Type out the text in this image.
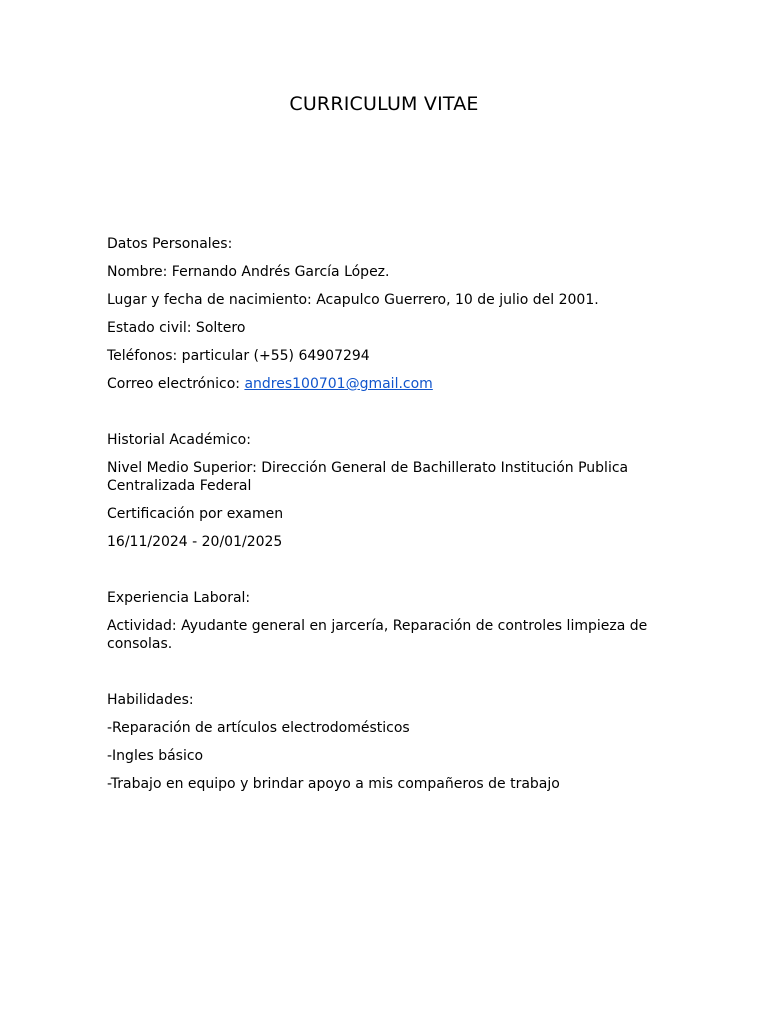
CURRICULUM VITAE
Datos Personales:
Nombre: Fernando Andrés García López.
Lugar y fecha de nacimiento: Acapulco Guerrero, 10 de julio del 2001.
Estado civil: Soltero
Teléfonos: particular (+55) 64907294
Correo electrónico: andres100701@gmail.com
Historial Académico:
Nivel Medio Superior: Dirección General de Bachillerato Institución Publica Centralizada Federal
Certificación por examen
16/11/2024 - 20/01/2025
Experiencia Laboral:
Actividad: Ayudante general en jarcería, Reparación de controles limpieza de consolas.
Habilidades:
-Reparación de artículos electrodomésticos
-Ingles básico
-Trabajo en equipo y brindar apoyo a mis compañeros de trabajo
